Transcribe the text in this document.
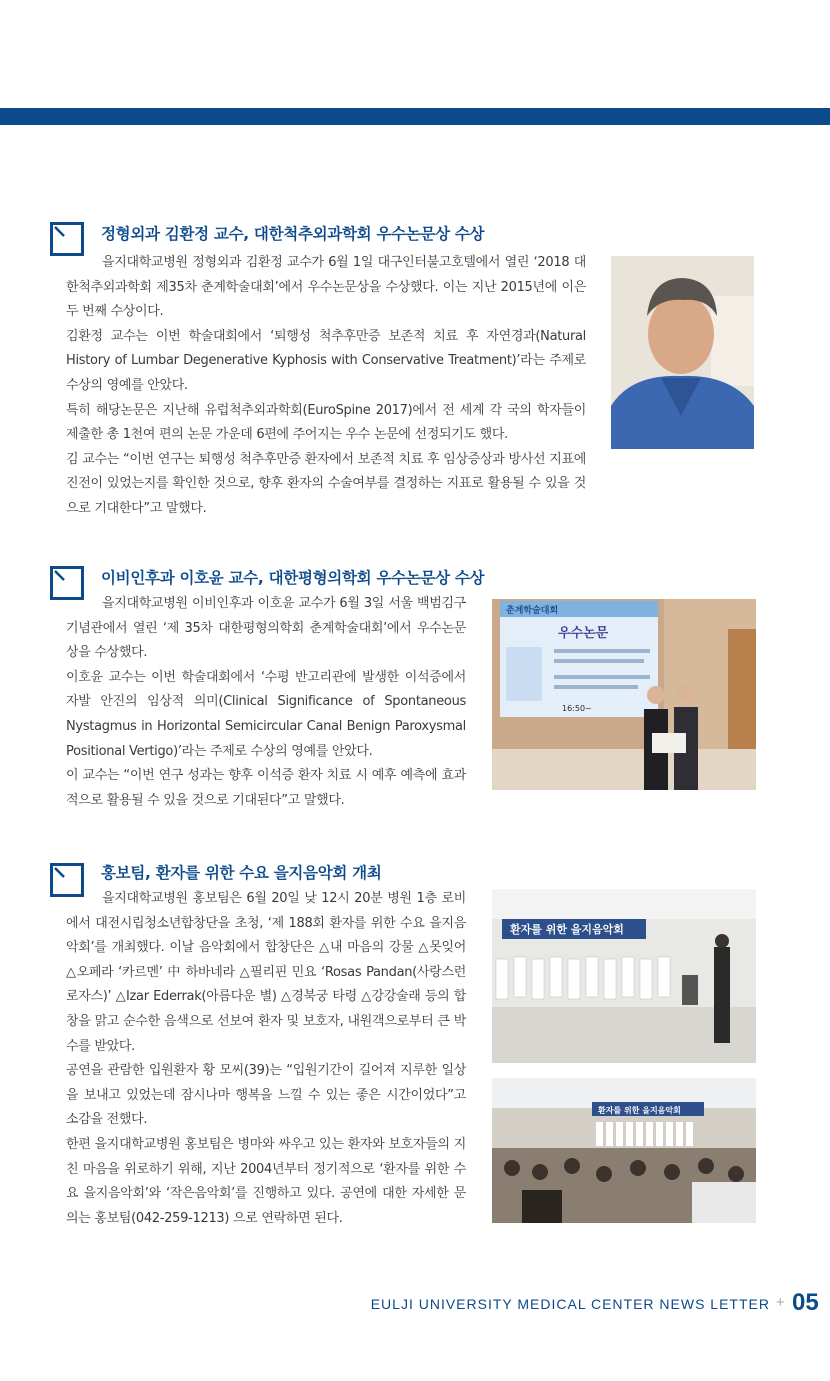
정형외과 김환정 교수, 대한척추외과학회 우수논문상 수상

을지대학교병원 정형외과 김환정 교수가 6월 1일 대구인터불고호텔에서 열린 ‘2018 대한척추외과학회 제35차 춘계학술대회’에서 우수논문상을 수상했다. 이는 지난 2015년에 이은 두 번째 수상이다.

김환정 교수는 이번 학술대회에서 ‘퇴행성 척추후만증 보존적 치료 후 자연경과(Natural History of Lumbar Degenerative Kyphosis with Conservative Treatment)’라는 주제로 수상의 영예를 안았다.

특히 해당논문은 지난해 유럽척추외과학회(EuroSpine 2017)에서 전 세계 각 국의 학자들이 제출한 총 1천여 편의 논문 가운데 6편에 주어지는 우수 논문에 선정되기도 했다.

김 교수는 “이번 연구는 퇴행성 척추후만증 환자에서 보존적 치료 후 임상증상과 방사선 지표에 진전이 있었는지를 확인한 것으로, 향후 환자의 수술여부를 결정하는 지표로 활용될 수 있을 것으로 기대한다”고 말했다.

이비인후과 이호윤 교수, 대한평형의학회 우수논문상 수상

을지대학교병원 이비인후과 이호윤 교수가 6월 3일 서울 백범김구기념관에서 열린 ‘제 35차 대한평형의학회 춘계학술대회’에서 우수논문상을 수상했다.

이호윤 교수는 이번 학술대회에서 ‘수평 반고리관에 발생한 이석증에서 자발 안진의 임상적 의미(Clinical Significance of Spontaneous Nystagmus in Horizontal Semicircular Canal Benign Paroxysmal Positional Vertigo)’라는 주제로 수상의 영예를 안았다.

이 교수는 “이번 연구 성과는 향후 이석증 환자 치료 시 예후 예측에 효과적으로 활용될 수 있을 것으로 기대된다”고 말했다.

춘계학술대회
우수논문
16:50~
홍보팀, 환자를 위한 수요 을지음악회 개최

을지대학교병원 홍보팀은 6월 20일 낮 12시 20분 병원 1층 로비에서 대전시립청소년합창단을 초청, ‘제 188회 환자를 위한 수요 을지음악회’를 개최했다. 이날 음악회에서 합창단은 △내 마음의 강물 △못잊어 △오페라 ‘카르멘’ 中 하바네라 △필리핀 민요 ‘Rosas Pandan(사랑스런 로자스)’ △Izar Ederrak(아름다운 별) △경북궁 타령 △강강술래 등의 합창을 맑고 순수한 음색으로 선보여 환자 및 보호자, 내원객으로부터 큰 박수를 받았다.

공연을 관람한 입원환자 황 모씨(39)는 “입원기간이 길어져 지루한 일상을 보내고 있었는데 잠시나마 행복을 느낄 수 있는 좋은 시간이었다”고 소감을 전했다.

한편 을지대학교병원 홍보팀은 병마와 싸우고 있는 환자와 보호자들의 지친 마음을 위로하기 위해, 지난 2004년부터 정기적으로 ‘환자를 위한 수요 을지음악회’와 ‘작은음악회’를 진행하고 있다. 공연에 대한 자세한 문의는 홍보팀(042-259-1213) 으로 연락하면 된다.

환자를 위한 을지음악회
환자를 위한 을지음악회
EULJI UNIVERSITY MEDICAL CENTER NEWS LETTER + 05
